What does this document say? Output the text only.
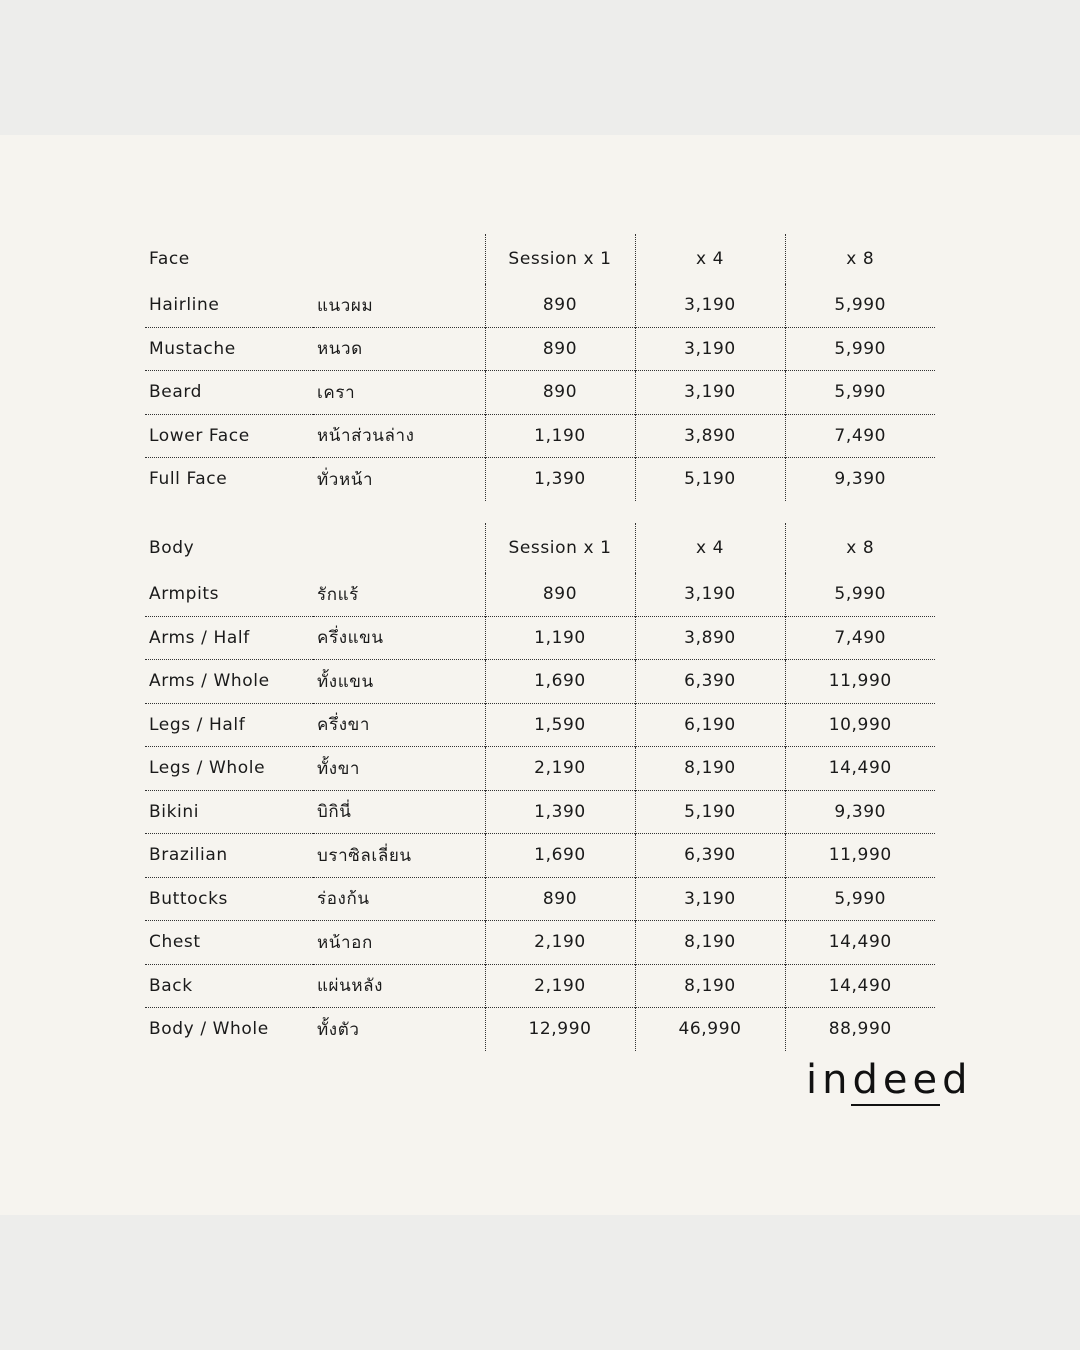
Face		Session x 1	x 4	x 8
Hairline	แนวผม	890	3,190	5,990
Mustache	หนวด	890	3,190	5,990
Beard	เครา	890	3,190	5,990
Lower Face	หน้าส่วนล่าง	1,190	3,890	7,490
Full Face	ทั่วหน้า	1,390	5,190	9,390
Body		Session x 1	x 4	x 8
Armpits	รักแร้	890	3,190	5,990
Arms / Half	ครึ่งแขน	1,190	3,890	7,490
Arms / Whole	ทั้งแขน	1,690	6,390	11,990
Legs / Half	ครึ่งขา	1,590	6,190	10,990
Legs / Whole	ทั้งขา	2,190	8,190	14,490
Bikini	บิกินี่	1,390	5,190	9,390
Brazilian	บราซิลเลี่ยน	1,690	6,390	11,990
Buttocks	ร่องก้น	890	3,190	5,990
Chest	หน้าอก	2,190	8,190	14,490
Back	แผ่นหลัง	2,190	8,190	14,490
Body / Whole	ทั้งตัว	12,990	46,990	88,990
indeed
